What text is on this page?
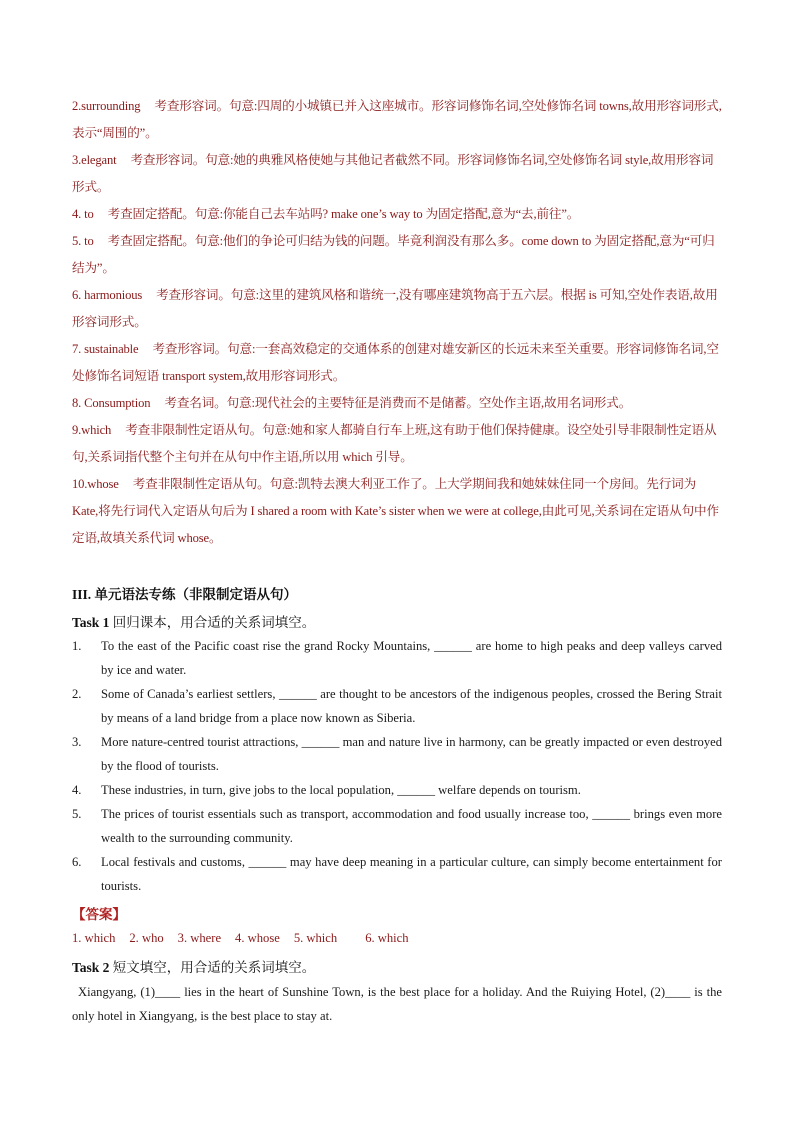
2.surrounding 考查形容词。句意:四周的小城镇已并入这座城市。形容词修饰名词,空处修饰名词 towns,故用形容词形式,表示“周围的”。
3.elegant 考查形容词。句意:她的典雅风格使她与其他记者截然不同。形容词修饰名词,空处修饰名词 style,故用形容词形式。
4. to 考查固定搭配。句意:你能自己去车站吗? make one’s way to 为固定搭配,意为“去,前往”。
5. to 考查固定搭配。句意:他们的争论可归结为钱的问题。毕竟利润没有那么多。come down to 为固定搭配,意为“可归结为”。
6. harmonious 考查形容词。句意:这里的建筑风格和谐统一,没有哪座建筑物高于五六层。根据 is 可知,空处作表语,故用形容词形式。
7. sustainable 考查形容词。句意:一套高效稳定的交通体系的创建对雄安新区的长远未来至关重要。形容词修饰名词,空处修饰名词短语 transport system,故用形容词形式。
8. Consumption 考查名词。句意:现代社会的主要特征是消费而不是储蓄。空处作主语,故用名词形式。
9.which 考查非限制性定语从句。句意:她和家人都骑自行车上班,这有助于他们保持健康。设空处引导非限制性定语从句,关系词指代整个主句并在从句中作主语,所以用 which 引导。
10.whose 考查非限制性定语从句。句意:凯特去澳大利亚工作了。上大学期间我和她妹妹住同一个房间。先行词为 Kate,将先行词代入定语从句后为 I shared a room with Kate’s sister when we were at college,由此可见,关系词在定语从句中作定语,故填关系代词 whose。
III. 单元语法专练（非限制定语从句）
Task 1 回归课本，用合适的关系词填空。
1. To the east of the Pacific coast rise the grand Rocky Mountains, ______ are home to high peaks and deep valleys carved by ice and water.
2. Some of Canada’s earliest settlers, ______ are thought to be ancestors of the indigenous peoples, crossed the Bering Strait by means of a land bridge from a place now known as Siberia.
3. More nature-centred tourist attractions, ______ man and nature live in harmony, can be greatly impacted or even destroyed by the flood of tourists.
4. These industries, in turn, give jobs to the local population, ______ welfare depends on tourism.
5. The prices of tourist essentials such as transport, accommodation and food usually increase too, ______ brings even more wealth to the surrounding community.
6. Local festivals and customs, ______ may have deep meaning in a particular culture, can simply become entertainment for tourists.
【答案】
1. which 2. who 3. where 4. whose 5. which 6. which
Task 2 短文填空，用合适的关系词填空。
Xiangyang, (1)____ lies in the heart of Sunshine Town, is the best place for a holiday. And the Ruiying Hotel, (2)____ is the only hotel in Xiangyang, is the best place to stay at.
